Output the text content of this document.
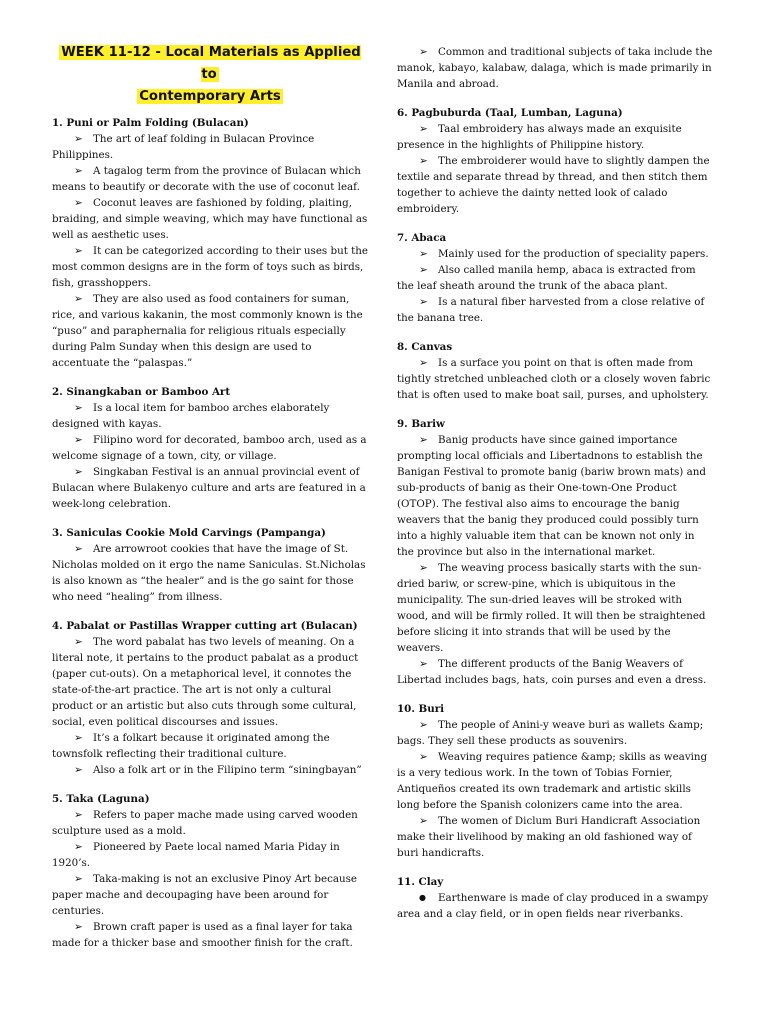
WEEK 11-12 - Local Materials as Applied to
Contemporary Arts

1. Puni or Palm Folding (Bulacan)

➢ The art of leaf folding in Bulacan Province Philippines.

➢ A tagalog term from the province of Bulacan which means to beautify or decorate with the use of coconut leaf.

➢ Coconut leaves are fashioned by folding, plaiting, braiding, and simple weaving, which may have functional as well as aesthetic uses.

➢ It can be categorized according to their uses but the most common designs are in the form of toys such as birds, fish, grasshoppers.

➢ They are also used as food containers for suman, rice, and various kakanin, the most commonly known is the “puso” and paraphernalia for religious rituals especially during Palm Sunday when this design are used to accentuate the “palaspas.”

2. Sinangkaban or Bamboo Art

➢ Is a local item for bamboo arches elaborately designed with kayas.

➢ Filipino word for decorated, bamboo arch, used as a welcome signage of a town, city, or village.

➢ Singkaban Festival is an annual provincial event of Bulacan where Bulakenyo culture and arts are featured in a week-long celebration.

3. Saniculas Cookie Mold Carvings (Pampanga)

➢ Are arrowroot cookies that have the image of St. Nicholas molded on it ergo the name Saniculas. St.Nicholas is also known as “the healer” and is the go saint for those who need “healing” from illness.

4. Pabalat or Pastillas Wrapper cutting art (Bulacan)

➢ The word pabalat has two levels of meaning. On a literal note, it pertains to the product pabalat as a product (paper cut-outs). On a metaphorical level, it connotes the state-of-the-art practice. The art is not only a cultural product or an artistic but also cuts through some cultural, social, even political discourses and issues.

➢ It’s a folkart because it originated among the townsfolk reflecting their traditional culture.

➢ Also a folk art or in the Filipino term “siningbayan”

5. Taka (Laguna)

➢ Refers to paper mache made using carved wooden sculpture used as a mold.

➢ Pioneered by Paete local named Maria Piday in 1920’s.

➢ Taka-making is not an exclusive Pinoy Art because paper mache and decoupaging have been around for centuries.

➢ Brown craft paper is used as a final layer for taka made for a thicker base and smoother finish for the craft.

➢ Common and traditional subjects of taka include the manok, kabayo, kalabaw, dalaga, which is made primarily in Manila and abroad.

6. Pagbuburda (Taal, Lumban, Laguna)

➢ Taal embroidery has always made an exquisite presence in the highlights of Philippine history.

➢ The embroiderer would have to slightly dampen the textile and separate thread by thread, and then stitch them together to achieve the dainty netted look of calado embroidery.

7. Abaca

➢ Mainly used for the production of speciality papers.

➢ Also called manila hemp, abaca is extracted from the leaf sheath around the trunk of the abaca plant.

➢ Is a natural fiber harvested from a close relative of the banana tree.

8. Canvas

➢ Is a surface you point on that is often made from tightly stretched unbleached cloth or a closely woven fabric that is often used to make boat sail, purses, and upholstery.

9. Bariw

➢ Banig products have since gained importance prompting local officials and Libertadnons to establish the Banigan Festival to promote banig (bariw brown mats) and sub-products of banig as their One-town-One Product (OTOP). The festival also aims to encourage the banig weavers that the banig they produced could possibly turn into a highly valuable item that can be known not only in the province but also in the international market.

➢ The weaving process basically starts with the sun-dried bariw, or screw-pine, which is ubiquitous in the municipality. The sun-dried leaves will be stroked with wood, and will be firmly rolled. It will then be straightened before slicing it into strands that will be used by the weavers.

➢ The different products of the Banig Weavers of Libertad includes bags, hats, coin purses and even a dress.

10. Buri

➢ The people of Anini-y weave buri as wallets &amp; bags. They sell these products as souvenirs.

➢ Weaving requires patience &amp; skills as weaving is a very tedious work. In the town of Tobias Fornier, Antiqueños created its own trademark and artistic skills long before the Spanish colonizers came into the area.

➢ The women of Diclum Buri Handicraft Association make their livelihood by making an old fashioned way of buri handicrafts.

11. Clay

● Earthenware is made of clay produced in a swampy area and a clay field, or in open fields near riverbanks.
